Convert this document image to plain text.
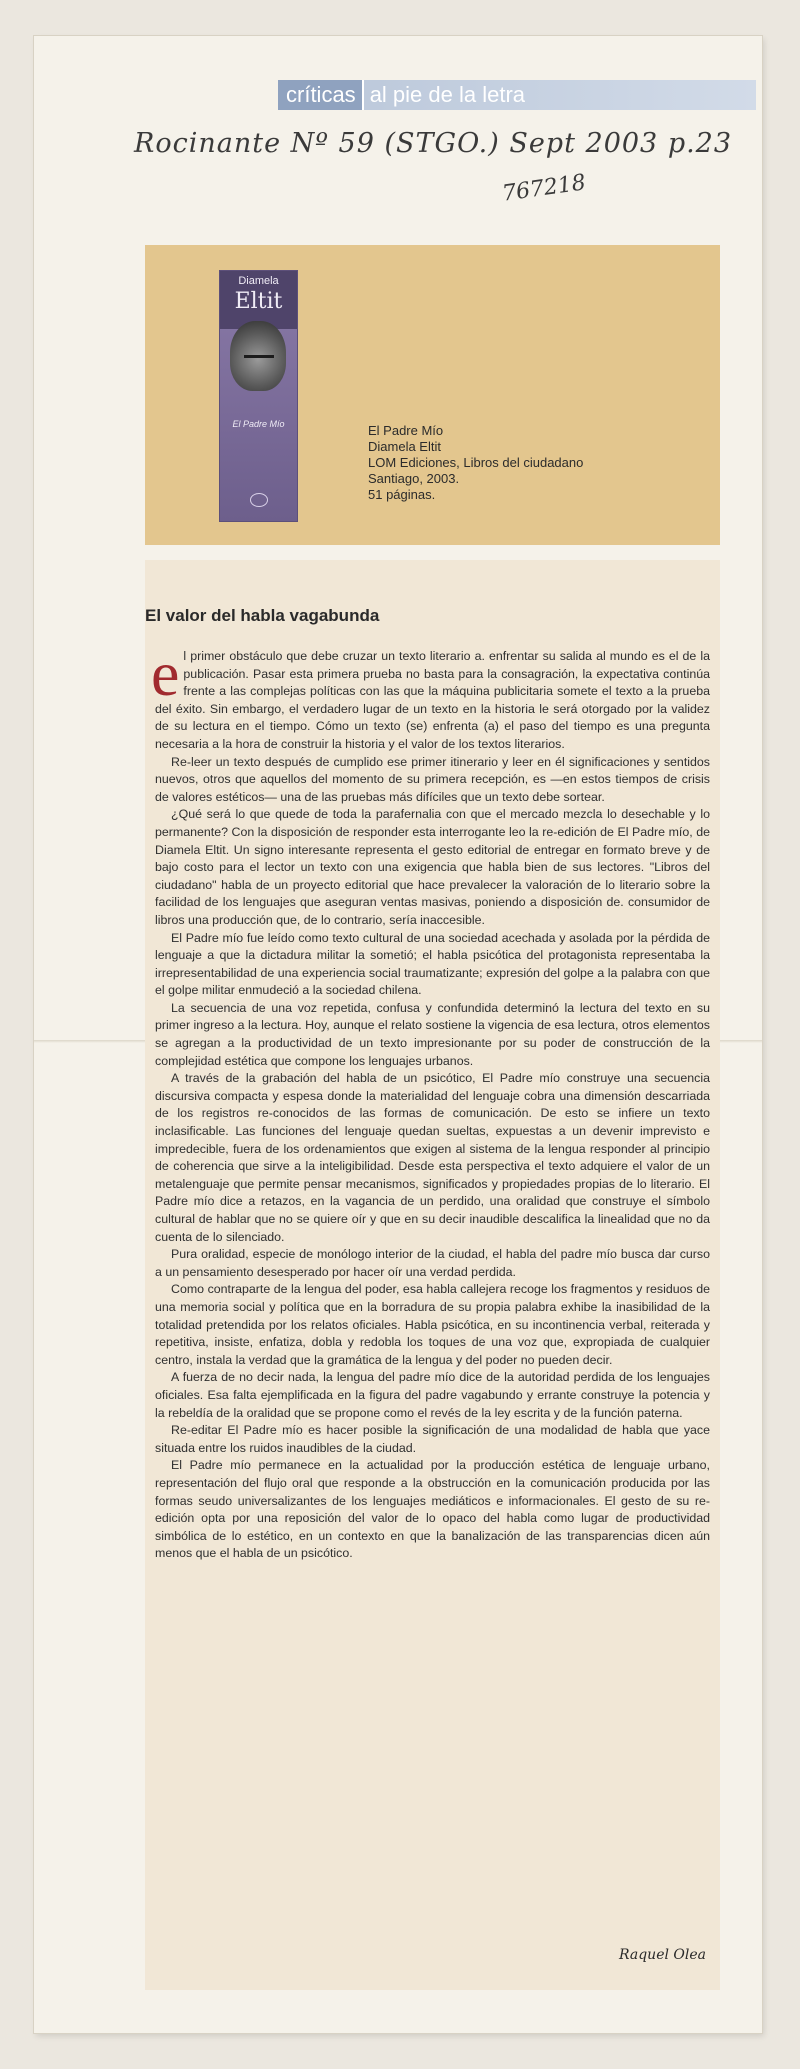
críticas al pie de la letra
Rocinante Nº 59 (STGO.) Sept 2003 p.23
767218
Diamela
Eltit
El Padre Mío	El Padre Mío
Diamela Eltit
LOM Ediciones, Libros del ciudadano
Santiago, 2003.
51 páginas.
El valor del habla vagabunda

el primer obstáculo que debe cruzar un texto literario a. enfrentar su salida al mundo es el de la publicación. Pasar esta primera prueba no basta para la consagración, la expectativa continúa frente a las complejas políticas con las que la máquina publicitaria somete el texto a la prueba del éxito. Sin embargo, el verdadero lugar de un texto en la historia le será otorgado por la validez de su lectura en el tiempo. Cómo un texto (se) enfrenta (a) el paso del tiempo es una pregunta necesaria a la hora de construir la historia y el valor de los textos literarios.

Re-leer un texto después de cumplido ese primer itinerario y leer en él significaciones y sentidos nuevos, otros que aquellos del momento de su primera recepción, es —en estos tiempos de crisis de valores estéticos— una de las pruebas más difíciles que un texto debe sortear.

¿Qué será lo que quede de toda la parafernalia con que el mercado mezcla lo desechable y lo permanente? Con la disposición de responder esta interrogante leo la re-edición de El Padre mío, de Diamela Eltit. Un signo interesante representa el gesto editorial de entregar en formato breve y de bajo costo para el lector un texto con una exigencia que habla bien de sus lectores. "Libros del ciudadano" habla de un proyecto editorial que hace prevalecer la valoración de lo literario sobre la facilidad de los lenguajes que aseguran ventas masivas, poniendo a disposición de. consumidor de libros una producción que, de lo contrario, sería inaccesible.

El Padre mío fue leído como texto cultural de una sociedad acechada y asolada por la pérdida de lenguaje a que la dictadura militar la sometió; el habla psicótica del protagonista representaba la irrepresentabilidad de una experiencia social traumatizante; expresión del golpe a la palabra con que el golpe militar enmudeció a la sociedad chilena.

La secuencia de una voz repetida, confusa y confundida determinó la lectura del texto en su primer ingreso a la lectura. Hoy, aunque el relato sostiene la vigencia de esa lectura, otros elementos se agregan a la productividad de un texto impresionante por su poder de construcción de la complejidad estética que compone los lenguajes urbanos.

A través de la grabación del habla de un psicótico, El Padre mío construye una secuencia discursiva compacta y espesa donde la materialidad del lenguaje cobra una dimensión descarriada de los registros re-conocidos de las formas de comunicación. De esto se infiere un texto inclasificable. Las funciones del lenguaje quedan sueltas, expuestas a un devenir imprevisto e impredecible, fuera de los ordenamientos que exigen al sistema de la lengua responder al principio de coherencia que sirve a la inteligibilidad. Desde esta perspectiva el texto adquiere el valor de un metalenguaje que permite pensar mecanismos, significados y propiedades propias de lo literario. El Padre mío dice a retazos, en la vagancia de un perdido, una oralidad que construye el símbolo cultural de hablar que no se quiere oír y que en su decir inaudible descalifica la linealidad que no da cuenta de lo silenciado.

Pura oralidad, especie de monólogo interior de la ciudad, el habla del padre mío busca dar curso a un pensamiento desesperado por hacer oír una verdad perdida.

Como contraparte de la lengua del poder, esa habla callejera recoge los fragmentos y residuos de una memoria social y política que en la borradura de su propia palabra exhibe la inasibilidad de la totalidad pretendida por los relatos oficiales. Habla psicótica, en su incontinencia verbal, reiterada y repetitiva, insiste, enfatiza, dobla y redobla los toques de una voz que, expropiada de cualquier centro, instala la verdad que la gramática de la lengua y del poder no pueden decir.

A fuerza de no decir nada, la lengua del padre mío dice de la autoridad perdida de los lenguajes oficiales. Esa falta ejemplificada en la figura del padre vagabundo y errante construye la potencia y la rebeldía de la oralidad que se propone como el revés de la ley escrita y de la función paterna.

Re-editar El Padre mío es hacer posible la significación de una modalidad de habla que yace situada entre los ruidos inaudibles de la ciudad.

El Padre mío permanece en la actualidad por la producción estética de lenguaje urbano, representación del flujo oral que responde a la obstrucción en la comunicación producida por las formas seudo universalizantes de los lenguajes mediáticos e informacionales. El gesto de su re-edición opta por una reposición del valor de lo opaco del habla como lugar de productividad simbólica de lo estético, en un contexto en que la banalización de las transparencias dicen aún menos que el habla de un psicótico.

Raquel Olea
